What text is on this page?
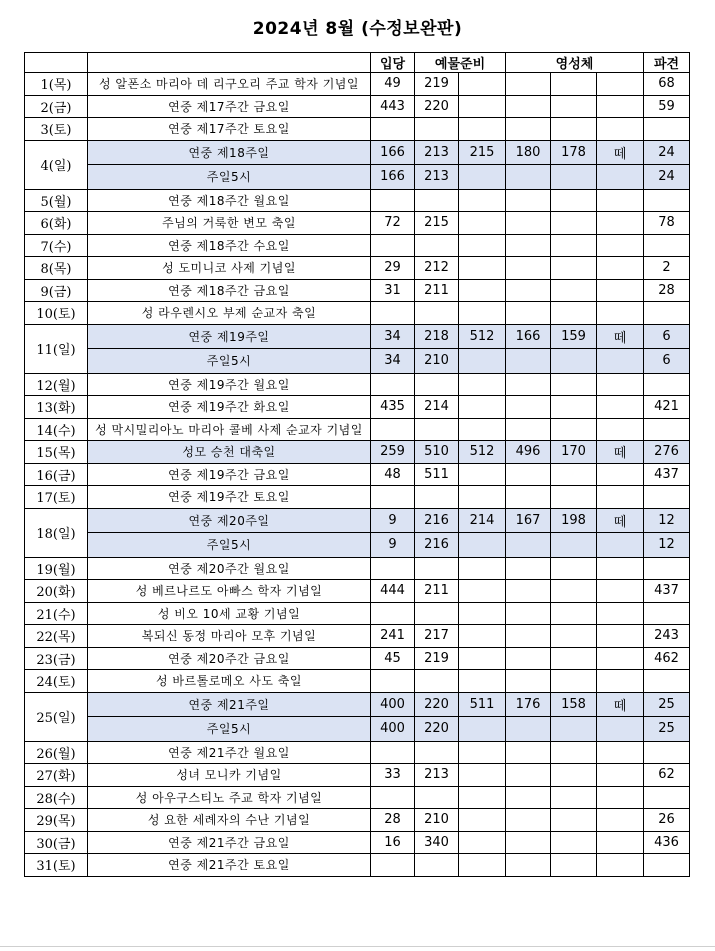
2024년 8월 (수정보완판)
		입당	예물준비		영성체			파견
1(목)	성 알폰소 마리아 데 리구오리 주교 학자 기념일	49	219					68
2(금)	연중 제17주간 금요일	443	220					59
3(토)	연중 제17주간 토요일							
4(일)	연중 제18주일	166	213	215	180	178	떼	24
	주일5시	166	213					24
5(월)	연중 제18주간 월요일							
6(화)	주님의 거룩한 변모 축일	72	215					78
7(수)	연중 제18주간 수요일							
8(목)	성 도미니코 사제 기념일	29	212					2
9(금)	연중 제18주간 금요일	31	211					28
10(토)	성 라우렌시오 부제 순교자 축일							
11(일)	연중 제19주일	34	218	512	166	159	떼	6
	주일5시	34	210					6
12(월)	연중 제19주간 월요일							
13(화)	연중 제19주간 화요일	435	214					421
14(수)	성 막시밀리아노 마리아 콜베 사제 순교자 기념일							
15(목)	성모 승천 대축일	259	510	512	496	170	떼	276
16(금)	연중 제19주간 금요일	48	511					437
17(토)	연중 제19주간 토요일							
18(일)	연중 제20주일	9	216	214	167	198	떼	12
	주일5시	9	216					12
19(월)	연중 제20주간 월요일							
20(화)	성 베르나르도 아빠스 학자 기념일	444	211					437
21(수)	성 비오 10세 교황 기념일							
22(목)	복되신 동정 마리아 모후 기념일	241	217					243
23(금)	연중 제20주간 금요일	45	219					462
24(토)	성 바르톨로메오 사도 축일							
25(일)	연중 제21주일	400	220	511	176	158	떼	25
	주일5시	400	220					25
26(월)	연중 제21주간 월요일							
27(화)	성녀 모니카 기념일	33	213					62
28(수)	성 아우구스티노 주교 학자 기념일							
29(목)	성 요한 세례자의 수난 기념일	28	210					26
30(금)	연중 제21주간 금요일	16	340					436
31(토)	연중 제21주간 토요일							
